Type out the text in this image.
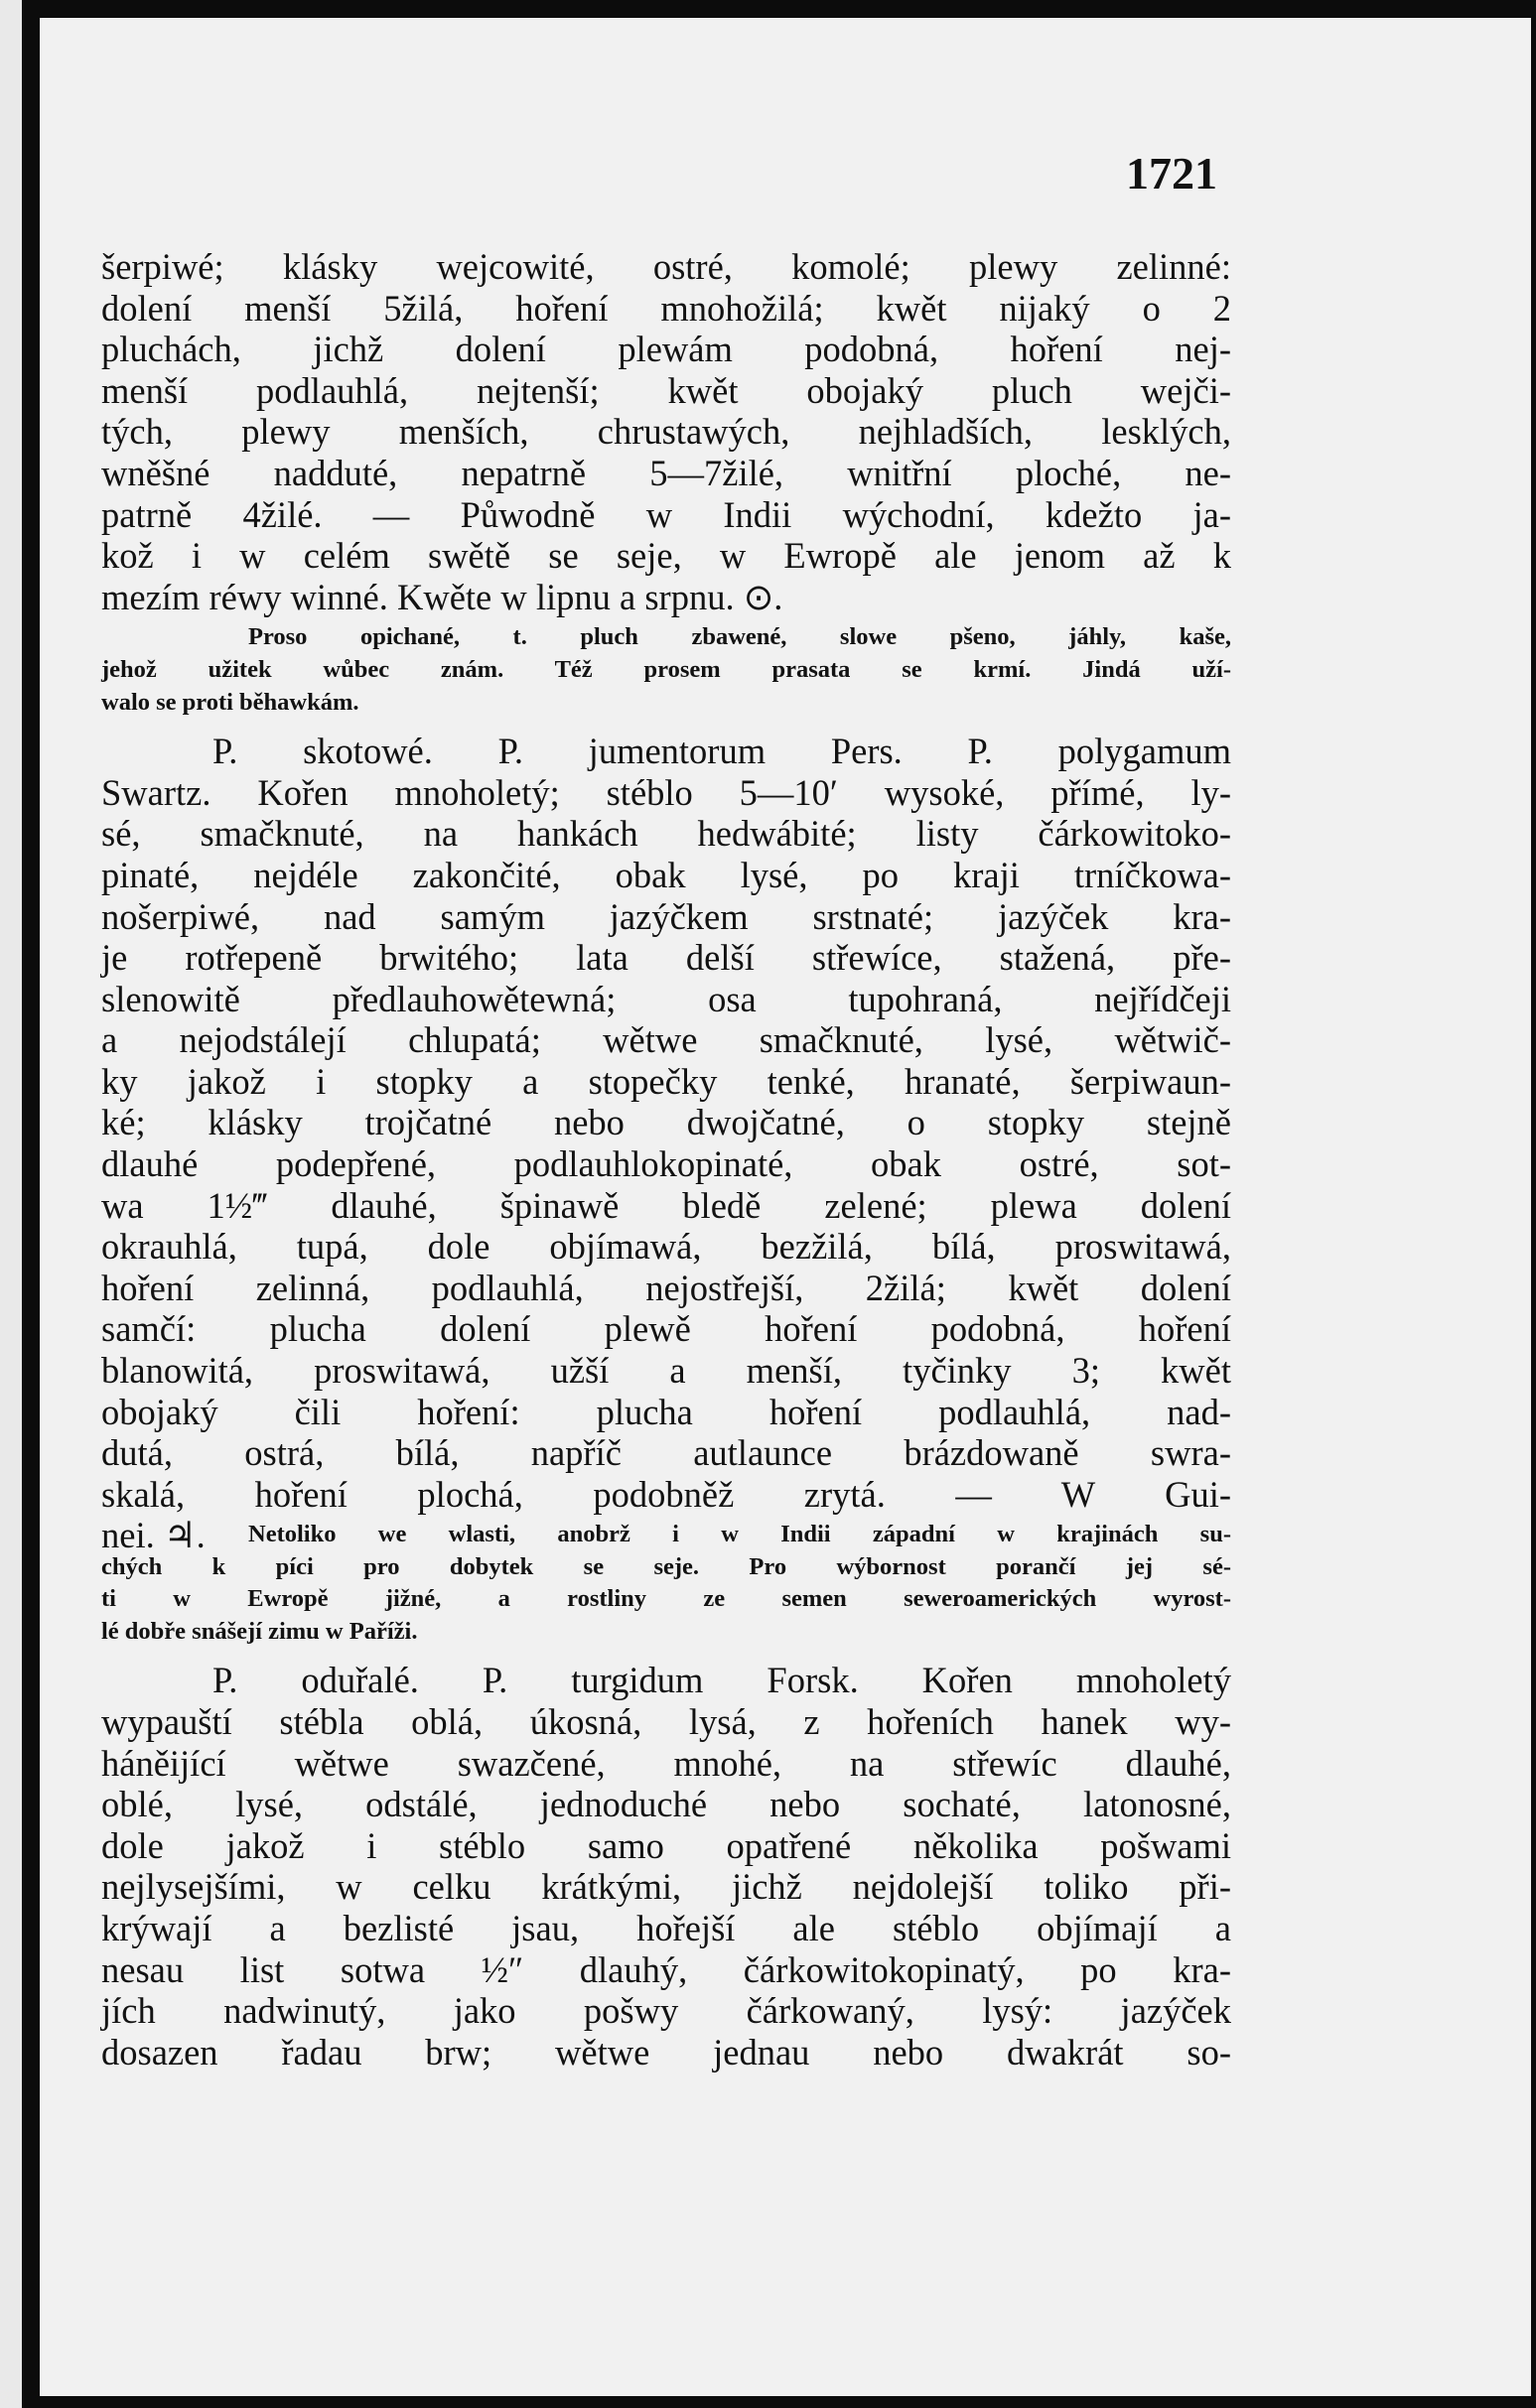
1721

šerpiwé; klásky wejcowité, ostré, komolé; plewy zelinné:

dolení menší 5žilá, hoření mnohožilá; kwět nijaký o 2

pluchách, jichž dolení plewám podobná, hoření nej-

menší podlauhlá, nejtenší; kwět obojaký pluch wejči-

tých, plewy menších, chrustawých, nejhladších, lesklých,

wněšné nadduté, nepatrně 5—7žilé, wnitřní ploché, ne-

patrně 4žilé. — Půwodně w Indii wýchodní, kdežto ja-

kož i w celém swětě se seje, w Ewropě ale jenom až k

mezím réwy winné. Kwěte w lipnu a srpnu. ⊙.

Proso opichané, t. pluch zbawené, slowe pšeno, jáhly, kaše,

jehož užitek wůbec znám. Též prosem prasata se krmí. Jindá uží-

walo se proti běhawkám.

P. skotowé. P. jumentorum Pers. P. polygamum

Swartz. Kořen mnoholetý; stéblo 5—10′ wysoké, přímé, ly-

sé, smačknuté, na hankách hedwábité; listy čárkowitoko-

pinaté, nejdéle zakončité, obak lysé, po kraji trníčkowa-

nošerpiwé, nad samým jazýčkem srstnaté; jazýček kra-

je rotřepeně brwitého; lata delší střewíce, stažená, pře-

slenowitě předlauhowětewná; osa tupohraná, nejřídčeji

a nejodstálejí chlupatá; wětwe smačknuté, lysé, wětwič-

ky jakož i stopky a stopečky tenké, hranaté, šerpiwaun-

ké; klásky trojčatné nebo dwojčatné, o stopky stejně

dlauhé podepřené, podlauhlokopinaté, obak ostré, sot-

wa 1½‴ dlauhé, špinawě bledě zelené; plewa dolení

okrauhlá, tupá, dole objímawá, bezžilá, bílá, proswitawá,

hoření zelinná, podlauhlá, nejostřejší, 2žilá; kwět dolení

samčí: plucha dolení plewě hoření podobná, hoření

blanowitá, proswitawá, užší a menší, tyčinky 3; kwět

obojaký čili hoření: plucha hoření podlauhlá, nad-

dutá, ostrá, bílá, napříč autlaunce brázdowaně swra-

skalá, hoření plochá, podobněž zrytá. — W Gui-

nei. ♃.	Netoliko we wlasti, anobrž i w Indii západní w krajinách su-

chých k píci pro dobytek se seje. Pro wýbornost porančí jej sé-

ti w Ewropě jižné, a rostliny ze semen seweroamerických wyrost-

lé dobře snášejí zimu w Paříži.

P. oduřalé. P. turgidum Forsk. Kořen mnoholetý

wypauští stébla oblá, úkosná, lysá, z hořeních hanek wy-

háněijící wětwe swazčené, mnohé, na střewíc dlauhé,

oblé, lysé, odstálé, jednoduché nebo sochaté, latonosné,

dole jakož i stéblo samo opatřené několika pošwami

nejlysejšími, w celku krátkými, jichž nejdolejší toliko při-

krýwají a bezlisté jsau, hořejší ale stéblo objímají a

nesau list sotwa ½″ dlauhý, čárkowitokopinatý, po kra-

jích nadwinutý, jako pošwy čárkowaný, lysý: jazýček

dosazen řadau brw; wětwe jednau nebo dwakrát so-
